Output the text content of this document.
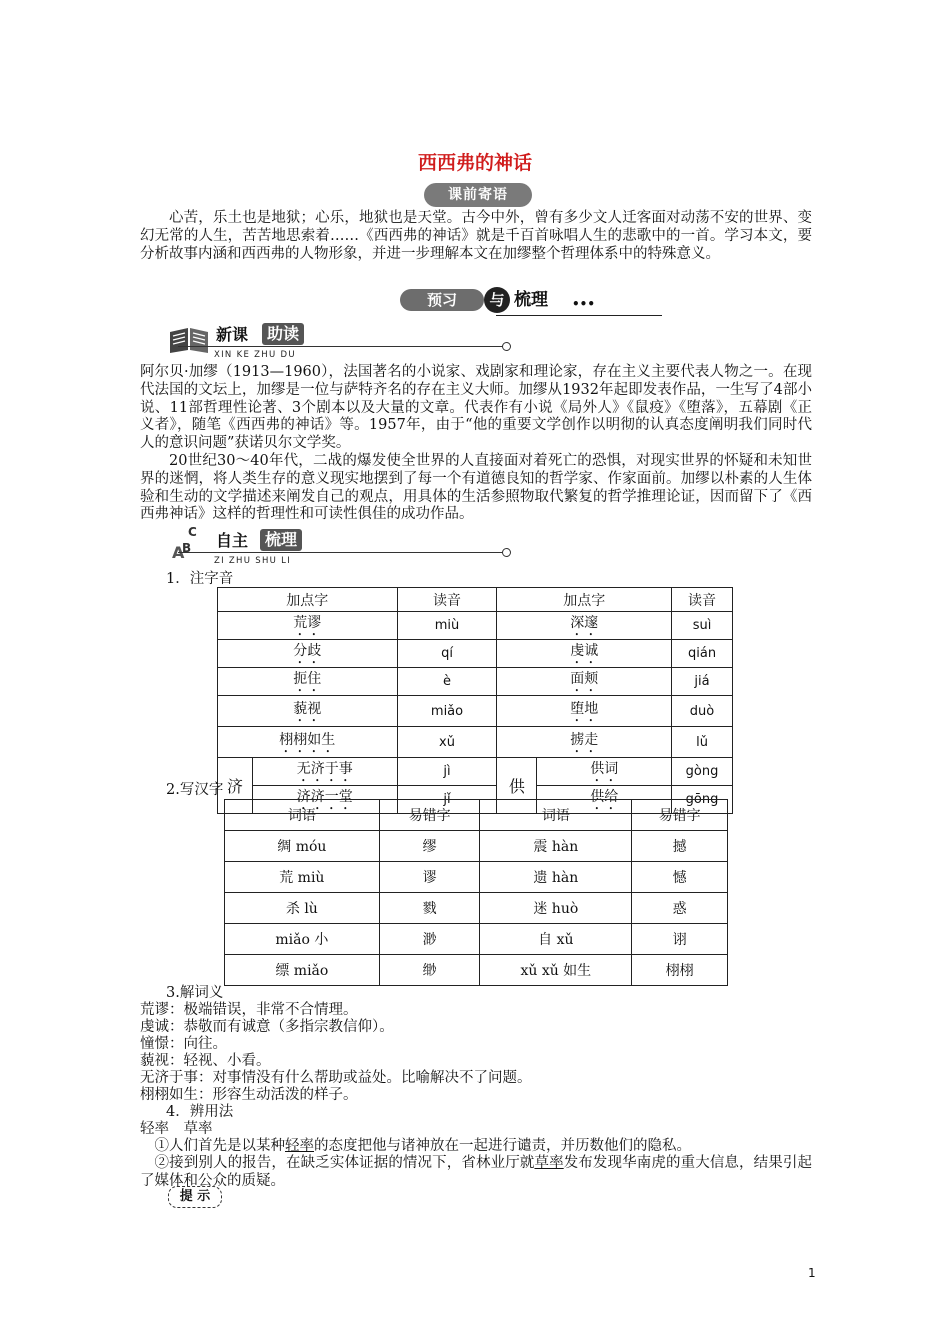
西西弗的神话
课前寄语

心苦，乐土也是地狱；心乐，地狱也是天堂。古今中外，曾有多少文人迁客面对动荡不安的世界、变幻无常的人生，苦苦地思索着……《西西弗的神话》就是千百首咏唱人生的悲歌中的一首。学习本文，要分析故事内涵和西西弗的人物形象，并进一步理解本文在加缪整个哲理体系中的特殊意义。

预习	与 梳理 •••
新课	助读
XIN KE ZHU DU

阿尔贝·加缪（1913—1960），法国著名的小说家、戏剧家和理论家，存在主义主要代表人物之一。在现代法国的文坛上，加缪是一位与萨特齐名的存在主义大师。加缪从1932年起即发表作品，一生写了4部小说、11部哲理性论著、3个剧本以及大量的文章。代表作有小说《局外人》《鼠疫》《堕落》，五幕剧《正义者》，随笔《西西弗的神话》等。1957年，由于“他的重要文学创作以明彻的认真态度阐明我们同时代人的意识问题”获诺贝尔文学奖。

20世纪30～40年代，二战的爆发使全世界的人直接面对着死亡的恐惧，对现实世界的怀疑和未知世界的迷惘，将人类生存的意义现实地摆到了每一个有道德良知的哲学家、作家面前。加缪以朴素的人生体验和生动的文学描述来阐发自己的观点，用具体的生活参照物取代繁复的哲学推理论证，因而留下了《西西弗神话》这样的哲理性和可读性俱佳的成功作品。

C
A
B 自主	梳理
ZI ZHU SHU LI

1．注字音

加点字		读音	加点字		读音
荒谬		miù	深邃		suì
分歧		qí	虔诚		qián
扼住		è	面颊		jiá
藐视		miǎo	堕地		duò
栩栩如生		xǔ	掳走		lǔ
济	无济于事	jì	供	供词	gòng
	济济一堂	jǐ		供给	gōng

2.写汉字

词语	易错字	词语	易错字
绸 móu	缪	震 hàn	撼
荒 miù	谬	遗 hàn	憾
杀 lù	戮	迷 huò	惑
miǎo 小	渺	自 xǔ	诩
缥 miǎo	缈	xǔ xǔ 如生	栩栩

3.解词义

荒谬：极端错误，非常不合情理。
虔诚：恭敬而有诚意（多指宗教信仰）。
憧憬：向往。
藐视：轻视、小看。
无济于事：对事情没有什么帮助或益处。比喻解决不了问题。
栩栩如生：形容生动活泼的样子。

4．辨用法

轻率　草率

①人们首先是以某种轻率的态度把他与诸神放在一起进行谴责，并历数他们的隐私。

②接到别人的报告，在缺乏实体证据的情况下，省林业厅就草率发布发现华南虎的重大信息，结果引起了媒体和公众的质疑。

提 示
1
